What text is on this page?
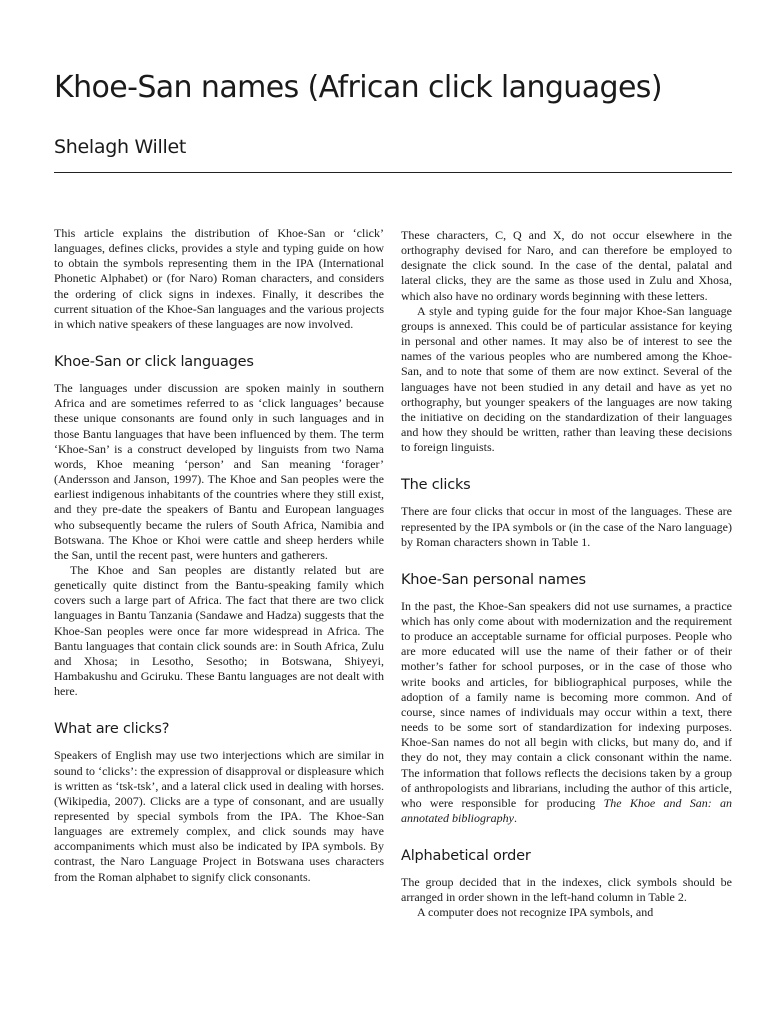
Khoe-San names (African click languages)
Shelagh Willet

This article explains the distribution of Khoe-San or ‘click’ languages, defines clicks, provides a style and typing guide on how to obtain the symbols representing them in the IPA (International Phonetic Alphabet) or (for Naro) Roman characters, and considers the ordering of click signs in indexes. Finally, it describes the current situation of the Khoe-San languages and the various projects in which native speakers of these languages are now involved.

Khoe-San or click languages

The languages under discussion are spoken mainly in southern Africa and are sometimes referred to as ‘click languages’ because these unique consonants are found only in such languages and in those Bantu languages that have been influenced by them. The term ‘Khoe-San’ is a construct developed by linguists from two Nama words, Khoe meaning ‘person’ and San meaning ‘forager’ (Andersson and Janson, 1997). The Khoe and San peoples were the earliest indigenous inhabitants of the countries where they still exist, and they pre-date the speakers of Bantu and European languages who subsequently became the rulers of South Africa, Namibia and Botswana. The Khoe or Khoi were cattle and sheep herders while the San, until the recent past, were hunters and gatherers.

The Khoe and San peoples are distantly related but are genetically quite distinct from the Bantu-speaking family which covers such a large part of Africa. The fact that there are two click languages in Bantu Tanzania (Sandawe and Hadza) suggests that the Khoe-San peoples were once far more widespread in Africa. The Bantu languages that contain click sounds are: in South Africa, Zulu and Xhosa; in Lesotho, Sesotho; in Botswana, Shiyeyi, Hambakushu and Gciruku. These Bantu languages are not dealt with here.

What are clicks?

Speakers of English may use two interjections which are similar in sound to ‘clicks’: the expression of disapproval or displeasure which is written as ‘tsk-tsk’, and a lateral click used in dealing with horses. (Wikipedia, 2007). Clicks are a type of consonant, and are usually represented by special symbols from the IPA. The Khoe-San languages are extremely complex, and click sounds may have accompaniments which must also be indicated by IPA symbols. By contrast, the Naro Language Project in Botswana uses characters from the Roman alphabet to signify click consonants.

These characters, C, Q and X, do not occur elsewhere in the orthography devised for Naro, and can therefore be employed to designate the click sound. In the case of the dental, palatal and lateral clicks, they are the same as those used in Zulu and Xhosa, which also have no ordinary words beginning with these letters.

A style and typing guide for the four major Khoe-San language groups is annexed. This could be of particular assistance for keying in personal and other names. It may also be of interest to see the names of the various peoples who are numbered among the Khoe-San, and to note that some of them are now extinct. Several of the languages have not been studied in any detail and have as yet no orthography, but younger speakers of the languages are now taking the initiative on deciding on the standardization of their languages and how they should be written, rather than leaving these decisions to foreign linguists.

The clicks

There are four clicks that occur in most of the languages. These are represented by the IPA symbols or (in the case of the Naro language) by Roman characters shown in Table 1.

Khoe-San personal names

In the past, the Khoe-San speakers did not use surnames, a practice which has only come about with modernization and the requirement to produce an acceptable surname for official purposes. People who are more educated will use the name of their father or of their mother’s father for school purposes, or in the case of those who write books and articles, for bibliographical purposes, while the adoption of a family name is becoming more common. And of course, since names of individuals may occur within a text, there needs to be some sort of standardization for indexing purposes. Khoe-San names do not all begin with clicks, but many do, and if they do not, they may contain a click consonant within the name. The information that follows reflects the decisions taken by a group of anthropologists and librarians, including the author of this article, who were responsible for producing The Khoe and San: an annotated bibliography.

Alphabetical order

The group decided that in the indexes, click symbols should be arranged in order shown in the left-hand column in Table 2.

A computer does not recognize IPA symbols, and
